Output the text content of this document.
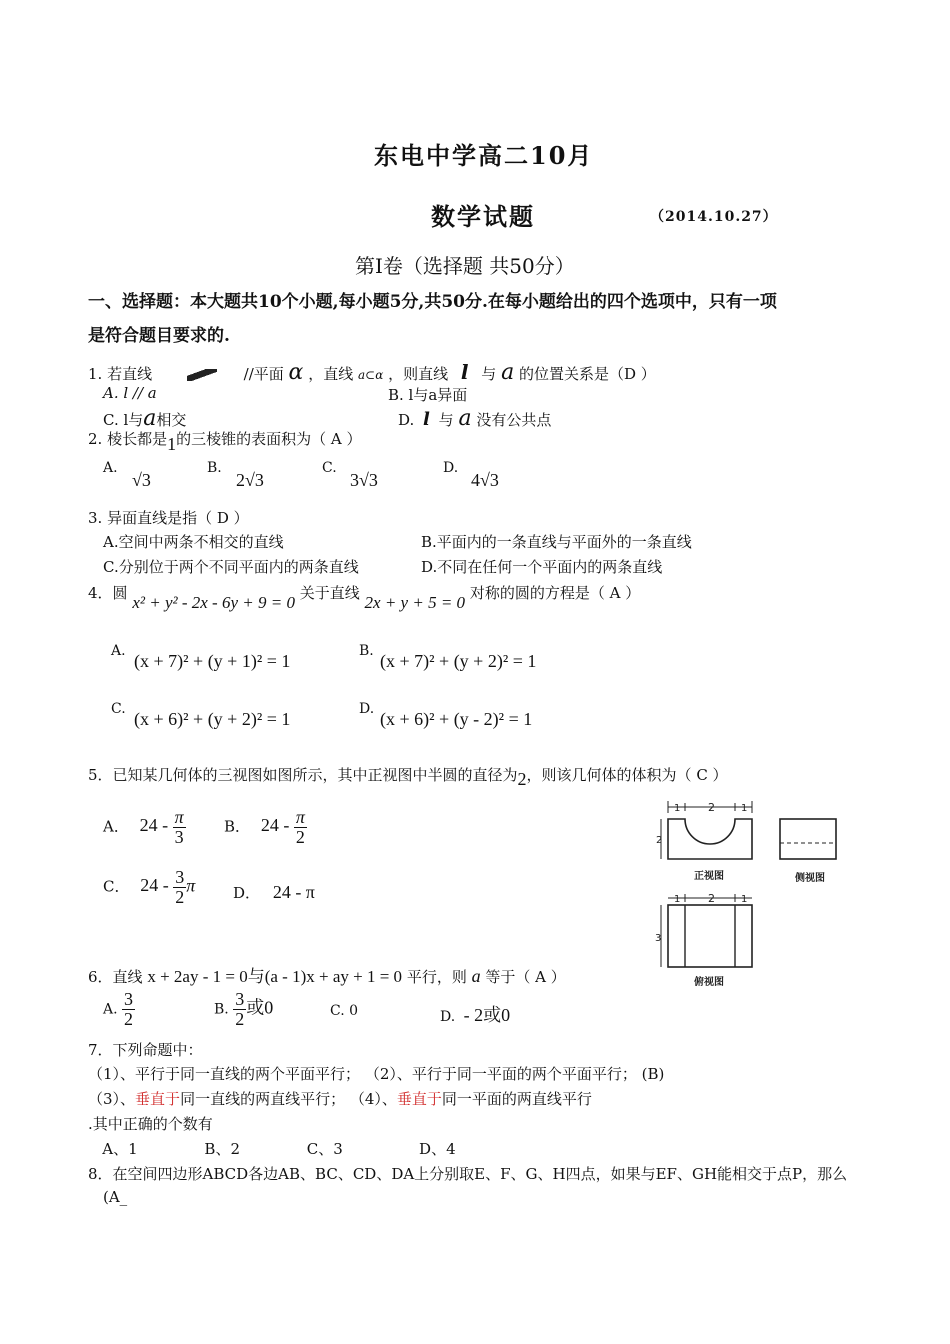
东电中学高二10月
数学试题	（2014.10.27）
第Ⅰ卷（选择题 共50分）
一、选择题：本大题共10个小题,每小题5分,共50分.在每小题给出的四个选项中，只有一项
是符合题目要求的.
1. 若直线	//平面 α ，直线 a⊂α ，则直线 l 与 a 的位置关系是（D ）
A. l // a	B. l与a异面
C. l与a相交	D. l 与 a 没有公共点
2. 棱长都是1的三棱锥的表面积为（ A ）
A.
√3
B.
2√3
C.
3√3
D.
4√3
3. 异面直线是指（ D ）
A.空间中两条不相交的直线	B.平面内的一条直线与平面外的一条直线
C.分别位于两个不同平面内的两条直线	D.不同在任何一个平面内的两条直线
4．圆 x² + y² - 2x - 6y + 9 = 0 关于直线 2x + y + 5 = 0 对称的圆的方程是（ A ）
A. (x + 7)² + (y + 1)² = 1	B. (x + 7)² + (y + 2)² = 1
C. (x + 6)² + (y + 2)² = 1	D. (x + 6)² + (y - 2)² = 1
5．已知某几何体的三视图如图所示，其中正视图中半圆的直径为2，则该几何体的体积为（ C ）
A． $24 - \frac{\pi}{3}$	B． $24 - \frac{\pi}{2}$
C． $24 - \frac{3}{2}$ π	D． 24 - π
1	2	1
2
正视图	侧视图
1	2	1
3
俯视图
6．直线 x + 2ay - 1 = 0与(a - 1)x + ay + 1 = 0 平行，则 a 等于（ A ）
A. $\frac{3}{2}$	B. $\frac{3}{2}$ 或0	C. 0	D. - 2或0
7．下列命题中：
（1）、平行于同一直线的两个平面平行； （2）、平行于同一平面的两个平面平行； (B)
（3）、垂直于同一直线的两直线平行； （4）、垂直于同一平面的两直线平行
.其中正确的个数有
A、1              B、2              C、3                D、4
8．在空间四边形ABCD各边AB、BC、CD、DA上分别取E、F、G、H四点，如果与EF、GH能相交于点P，那么
(A_
